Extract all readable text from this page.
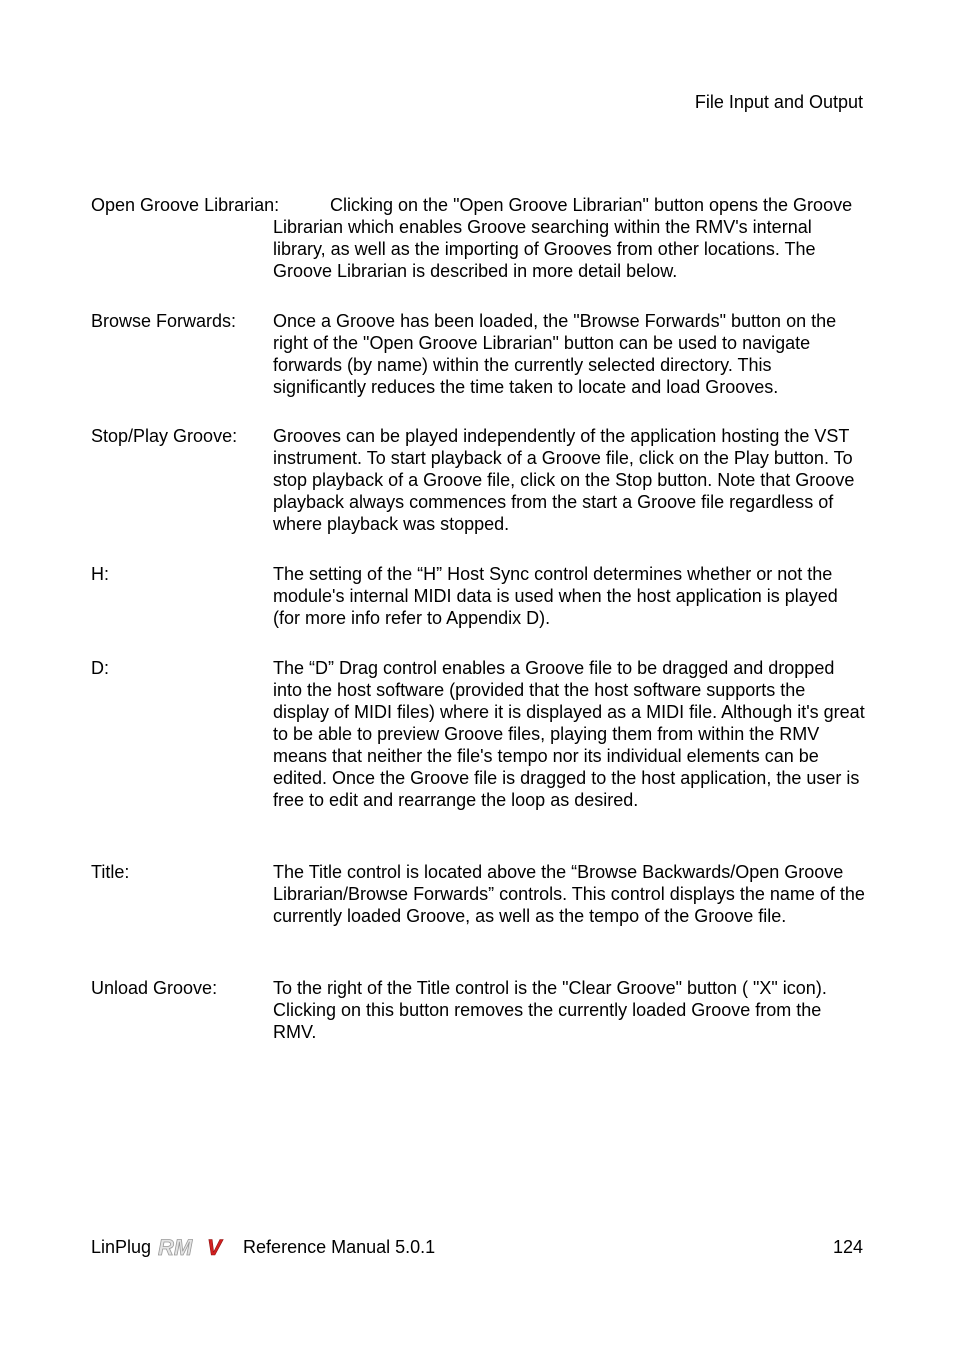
File Input and Output
Open Groove Librarian:	Clicking on the "Open Groove Librarian" button opens the Groove Librarian which enables Groove searching within the RMV's internal library, as well as the importing of Grooves from other locations. The Groove Librarian is described in more detail below.
Browse Forwards: Once a Groove has been loaded, the "Browse Forwards" button on the right of the "Open Groove Librarian" button can be used to navigate forwards (by name) within the currently selected directory. This significantly reduces the time taken to locate and load Grooves.
Stop/Play Groove: Grooves can be played independently of the application hosting the VST instrument. To start playback of a Groove file, click on the Play button. To stop playback of a Groove file, click on the Stop button. Note that Groove playback always commences from the start a Groove file regardless of where playback was stopped.
H:	The setting of the “H” Host Sync control determines whether or not the module's internal MIDI data is used when the host application is played (for more info refer to Appendix D).
D:	The “D” Drag control enables a Groove file to be dragged and dropped into the host software (provided that the host software supports the display of MIDI files) where it is displayed as a MIDI file. Although it's great to be able to preview Groove files, playing them from within the RMV means that neither the file's tempo nor its individual elements can be edited. Once the Groove file is dragged to the host application, the user is free to edit and rearrange the loop as desired.
Title:	The Title control is located above the “Browse Backwards/Open Groove Librarian/Browse Forwards” controls. This control displays the name of the currently loaded Groove, as well as the tempo of the Groove file.
Unload Groove:	To the right of the Title control is the "Clear Groove" button ( "X" icon). Clicking on this button removes the currently loaded Groove from the RMV.
LinPlug RM V Reference Manual 5.0.1	124
